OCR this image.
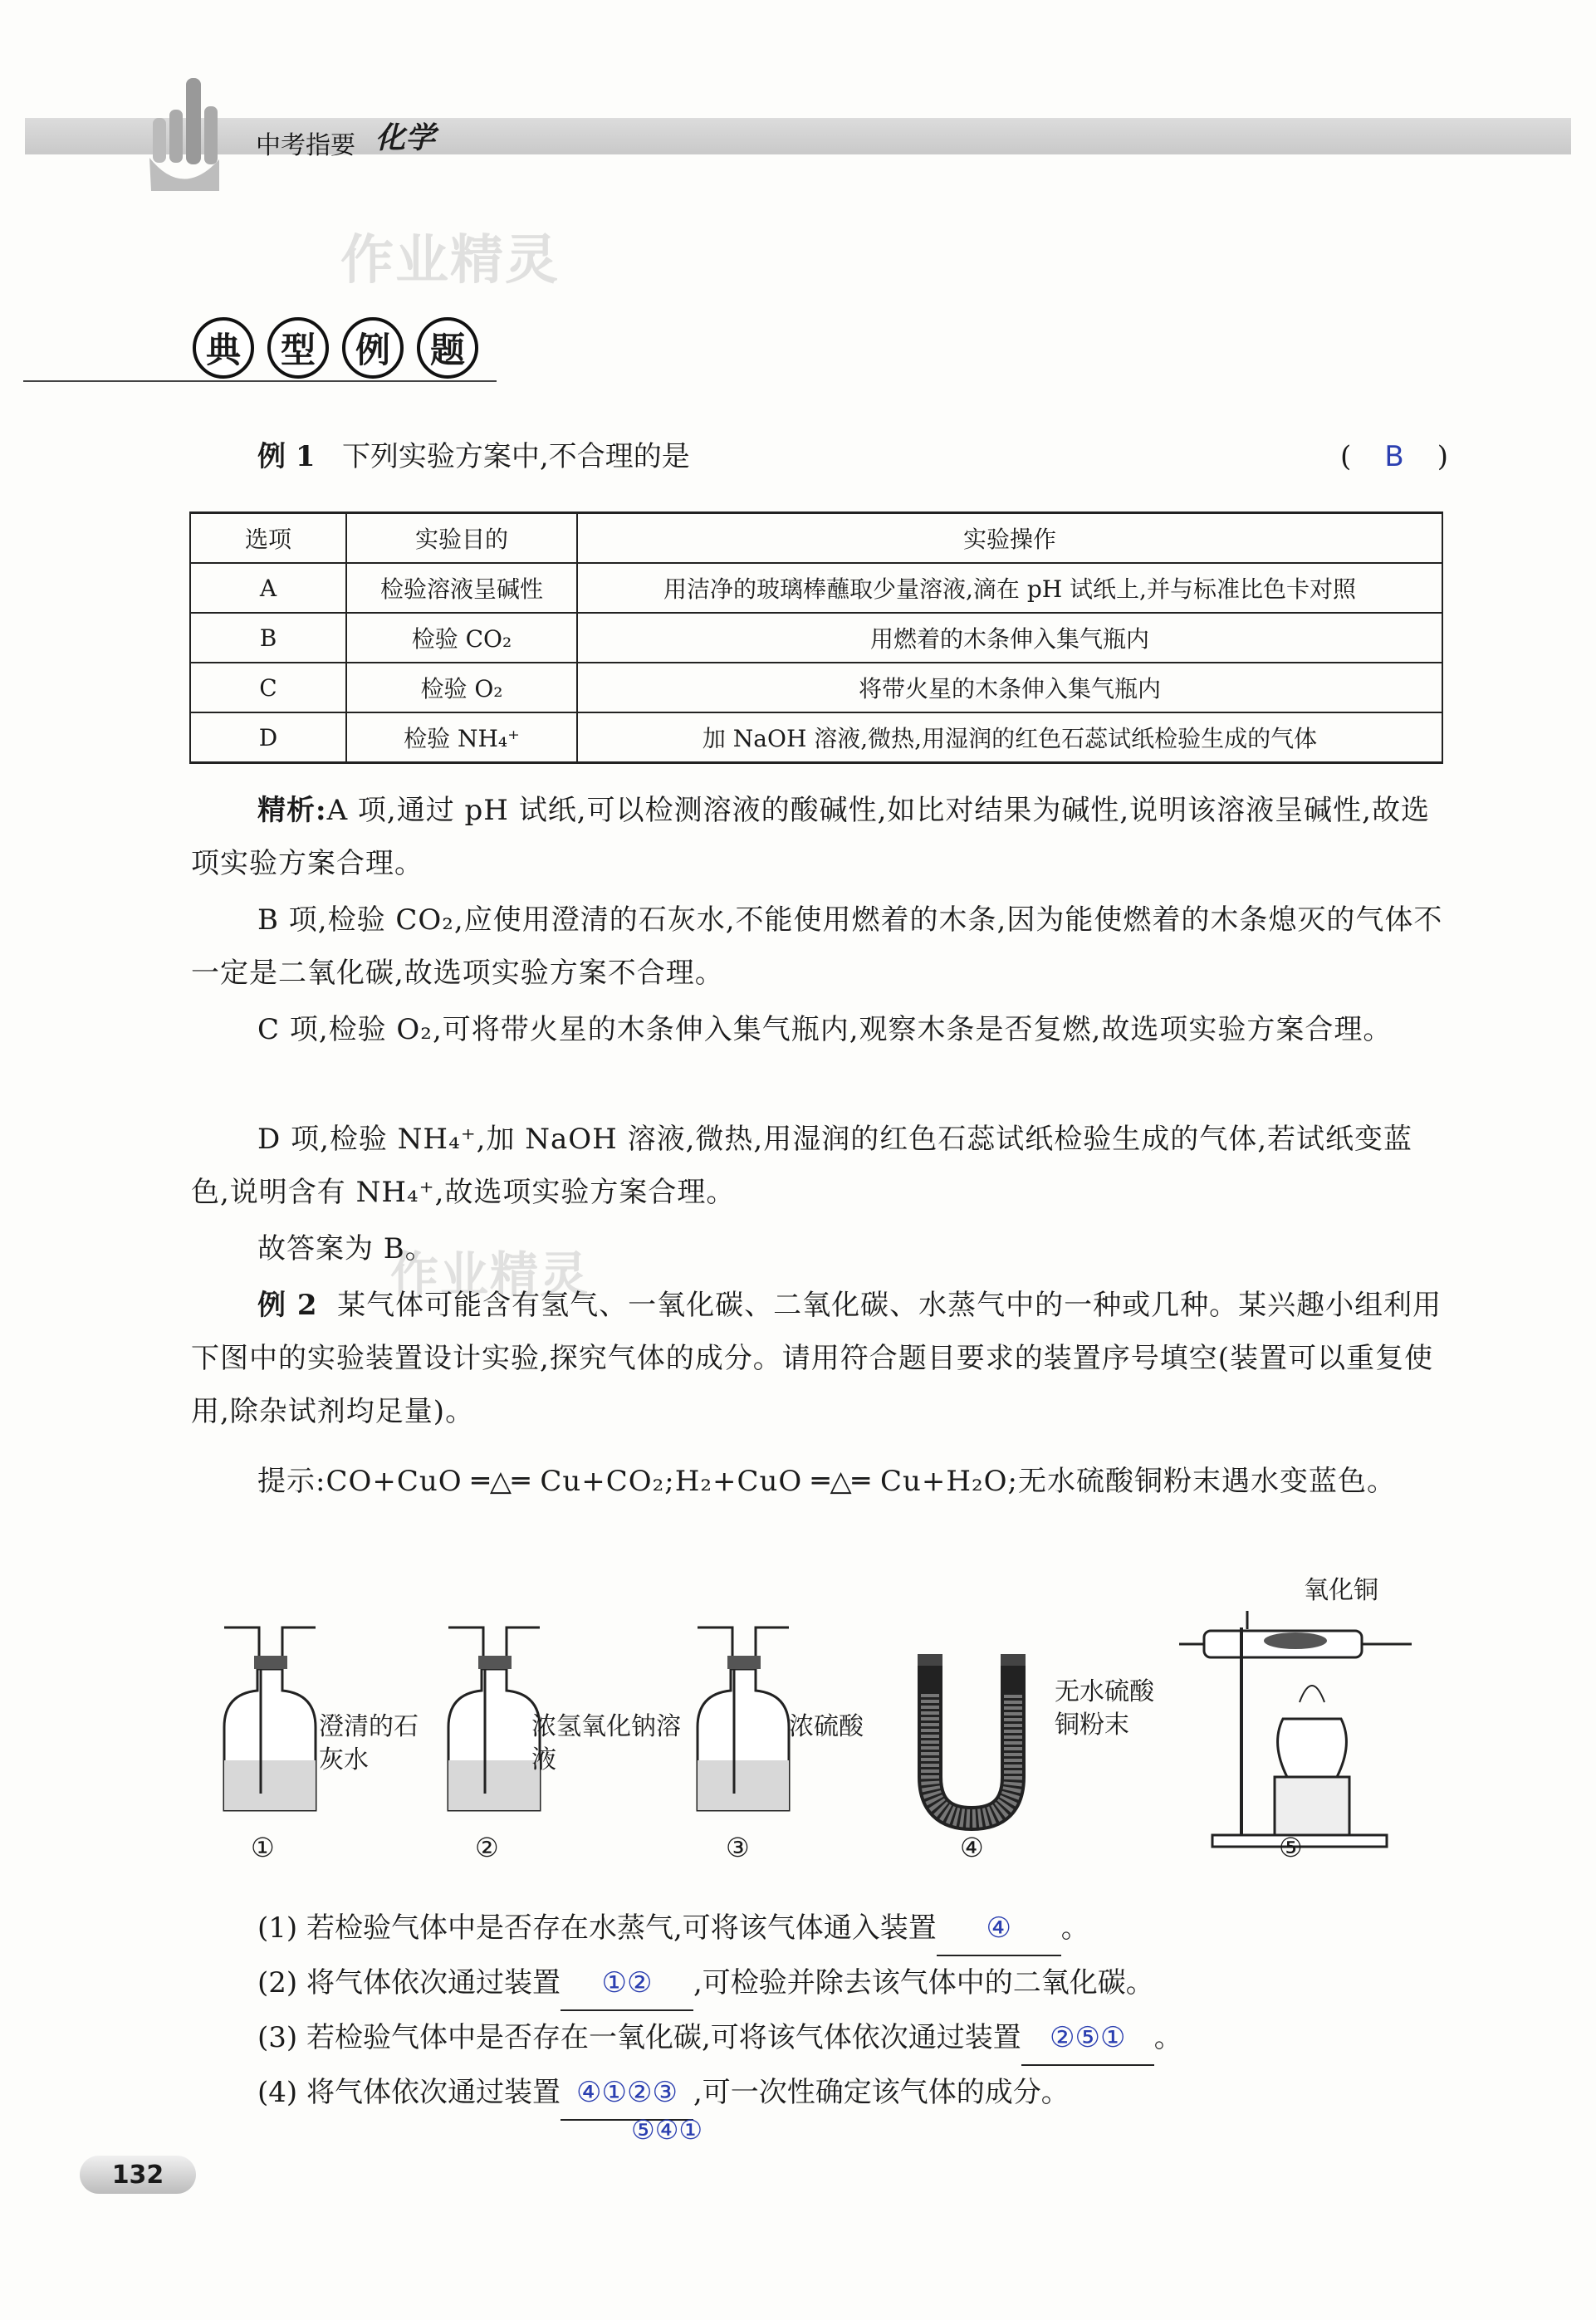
中考指要 化学
作业精灵
作业精灵
典	型	例	题
例 1 下列实验方案中,不合理的是	( B )
选项	实验目的	实验操作
A	检验溶液呈碱性	用洁净的玻璃棒蘸取少量溶液,滴在 pH 试纸上,并与标准比色卡对照
B	检验 CO₂	用燃着的木条伸入集气瓶内
C	检验 O₂	将带火星的木条伸入集气瓶内
D	检验 NH₄⁺	加 NaOH 溶液,微热,用湿润的红色石蕊试纸检验生成的气体
精析:A 项,通过 pH 试纸,可以检测溶液的酸碱性,如比对结果为碱性,说明该溶液呈碱性,故选项实验方案合理。
B 项,检验 CO₂,应使用澄清的石灰水,不能使用燃着的木条,因为能使燃着的木条熄灭的气体不一定是二氧化碳,故选项实验方案不合理。
C 项,检验 O₂,可将带火星的木条伸入集气瓶内,观察木条是否复燃,故选项实验方案合理。
D 项,检验 NH₄⁺,加 NaOH 溶液,微热,用湿润的红色石蕊试纸检验生成的气体,若试纸变蓝色,说明含有 NH₄⁺,故选项实验方案合理。
故答案为 B。
例 2 某气体可能含有氢气、一氧化碳、二氧化碳、水蒸气中的一种或几种。某兴趣小组利用下图中的实验装置设计实验,探究气体的成分。请用符合题目要求的装置序号填空(装置可以重复使用,除杂试剂均足量)。
提示:CO+CuO ═△═ Cu+CO₂;H₂+CuO ═△═ Cu+H₂O;无水硫酸铜粉末遇水变蓝色。
澄清的石灰水
浓氢氧化钠溶液
浓硫酸
无水硫酸铜粉末
氧化铜
①	②	③	④	⑤
(1) 若检验气体中是否存在水蒸气,可将该气体通入装置 ④ 。
(2) 将气体依次通过装置 ①② ,可检验并除去该气体中的二氧化碳。
(3) 若检验气体中是否存在一氧化碳,可将该气体依次通过装置 ②⑤① 。
(4) 将气体依次通过装置 ④①②③ ,可一次性确定该气体的成分。
⑤④①
132
